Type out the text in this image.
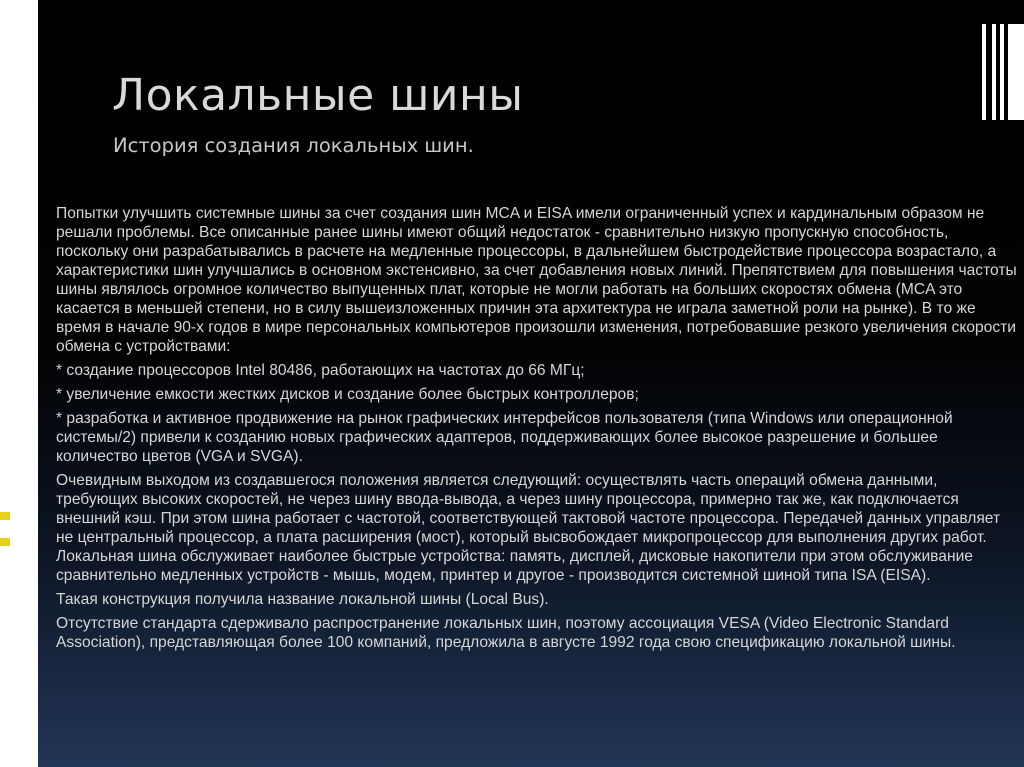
Локальные шины
История создания локальных шин.

Попытки улучшить системные шины за счет создания шин MCA и EISA имели ограниченный успех и кардинальным образом не решали проблемы. Все описанные ранее шины имеют общий недостаток - сравнительно низкую пропускную способность, поскольку они разрабатывались в расчете на медленные процессоры, в дальнейшем быстродействие процессора возрастало, а характеристики шин улучшались в основном экстенсивно, за счет добавления новых линий. Препятствием для повышения частоты шины являлось огромное количество выпущенных плат, которые не могли работать на больших скоростях обмена (MCA это касается в меньшей степени, но в силу вышеизложенных причин эта архитектура не играла заметной роли на рынке). В то же время в начале 90-х годов в мире персональных компьютеров произошли изменения, потребовавшие резкого увеличения скорости обмена с устройствами:

* создание процессоров Intel 80486, работающих на частотах до 66 МГц;

* увеличение емкости жестких дисков и создание более быстрых контроллеров;

* разработка и активное продвижение на рынок графических интерфейсов пользователя (типа Windows или операционной системы/2) привели к созданию новых графических адаптеров, поддерживающих более высокое разрешение и большее количество цветов (VGA и SVGA).

Очевидным выходом из создавшегося положения является следующий: осуществлять часть операций обмена данными, требующих высоких скоростей, не через шину ввода-вывода, а через шину процессора, примерно так же, как подключается внешний кэш. При этом шина работает с частотой, соответствующей тактовой частоте процессора. Передачей данных управляет не центральный процессор, а плата расширения (мост), который высвобождает микропроцессор для выполнения других работ. Локальная шина обслуживает наиболее быстрые устройства: память, дисплей, дисковые накопители при этом обслуживание сравнительно медленных устройств - мышь, модем, принтер и другое - производится системной шиной типа ISA (EISA).

Такая конструкция получила название локальной шины (Local Bus).

Отсутствие стандарта сдерживало распространение локальных шин, поэтому ассоциация VESA (Video Electronic Standard Association), представляющая более 100 компаний, предложила в августе 1992 года свою спецификацию локальной шины.
